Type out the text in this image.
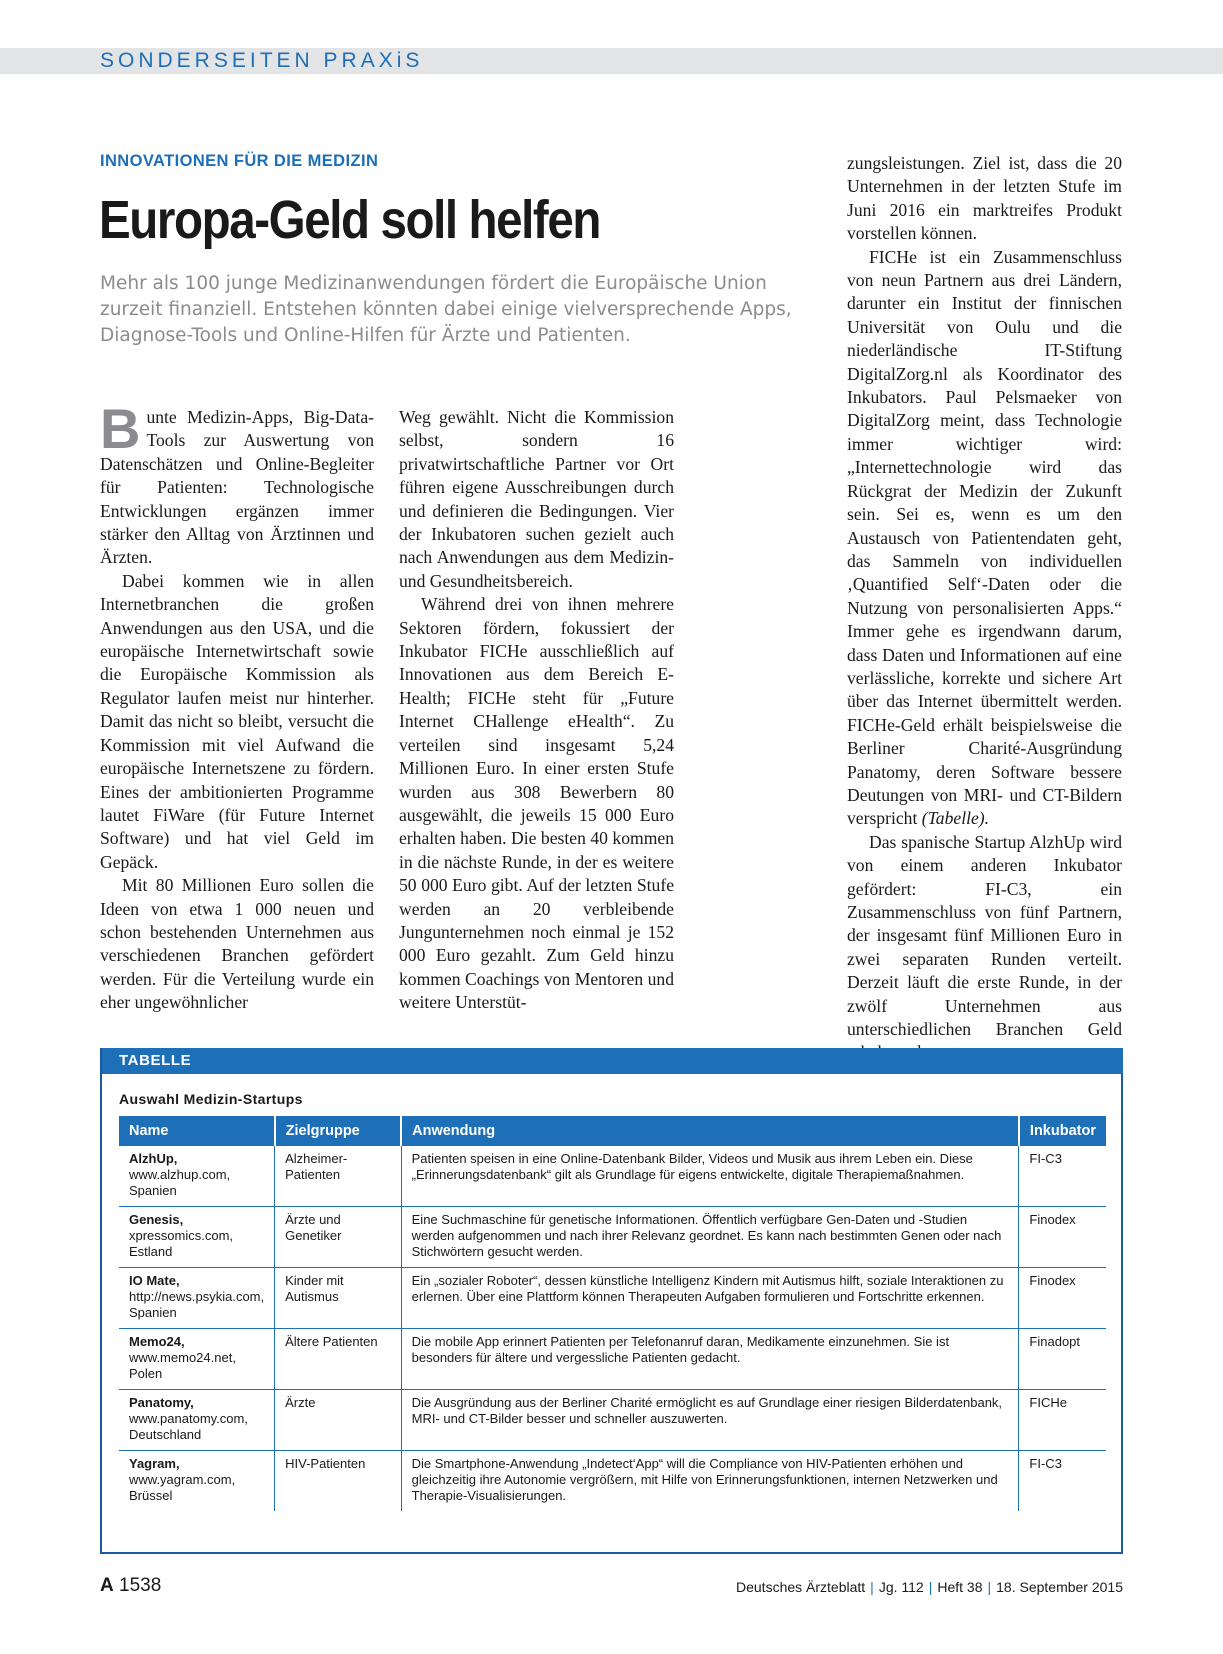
SONDERSEITEN PRAXiS
INNOVATIONEN FÜR DIE MEDIZIN
Europa-Geld soll helfen

Mehr als 100 junge Medizinanwendungen fördert die Europäische Union zurzeit finanziell. Entstehen könnten dabei einige vielversprechende Apps, Diagnose-Tools und Online-Hilfen für Ärzte und Patienten.

Bunte Medizin-Apps, Big-Data-Tools zur Auswertung von Datenschätzen und Online-Begleiter für Patienten: Technologische Entwicklungen ergänzen immer stärker den Alltag von Ärztinnen und Ärzten.

Dabei kommen wie in allen Internetbranchen die großen Anwendungen aus den USA, und die europäische Internetwirtschaft sowie die Europäische Kommission als Regulator laufen meist nur hinterher. Damit das nicht so bleibt, versucht die Kommission mit viel Aufwand die europäische Internetszene zu fördern. Eines der ambitionierten Programme lautet FiWare (für Future Internet Software) und hat viel Geld im Gepäck.

Mit 80 Millionen Euro sollen die Ideen von etwa 1 000 neuen und schon bestehenden Unternehmen aus verschiedenen Branchen gefördert werden. Für die Verteilung wurde ein eher ungewöhnlicher

Weg gewählt. Nicht die Kommission selbst, sondern 16 privatwirtschaftliche Partner vor Ort führen eigene Ausschreibungen durch und definieren die Bedingungen. Vier der Inkubatoren suchen gezielt auch nach Anwendungen aus dem Medizin- und Gesundheitsbereich.

Während drei von ihnen mehrere Sektoren fördern, fokussiert der Inkubator FICHe ausschließlich auf Innovationen aus dem Bereich E-Health; FICHe steht für „Future Internet CHallenge eHealth“. Zu verteilen sind insgesamt 5,24 Millionen Euro. In einer ersten Stufe wurden aus 308 Bewerbern 80 ausgewählt, die jeweils 15 000 Euro erhalten haben. Die besten 40 kommen in die nächste Runde, in der es weitere 50 000 Euro gibt. Auf der letzten Stufe werden an 20 verbleibende Jungunternehmen noch einmal je 152 000 Euro gezahlt. Zum Geld hinzu kommen Coachings von Mentoren und weitere Unterstüt-

zungsleistungen. Ziel ist, dass die 20 Unternehmen in der letzten Stufe im Juni 2016 ein marktreifes Produkt vorstellen können.

FICHe ist ein Zusammenschluss von neun Partnern aus drei Ländern, darunter ein Institut der finnischen Universität von Oulu und die niederländische IT-Stiftung DigitalZorg.nl als Koordinator des Inkubators. Paul Pelsmaeker von DigitalZorg meint, dass Technologie immer wichtiger wird: „Internettechnologie wird das Rückgrat der Medizin der Zukunft sein. Sei es, wenn es um den Austausch von Patientendaten geht, das Sammeln von individuellen ‚Quantified Self‘-Daten oder die Nutzung von personalisierten Apps.“ Immer gehe es irgendwann darum, dass Daten und Informationen auf eine verlässliche, korrekte und sichere Art über das Internet übermittelt werden. FICHe-Geld erhält beispielsweise die Berliner Charité-Ausgründung Panatomy, deren Software bessere Deutungen von MRI- und CT-Bildern verspricht (Tabelle).

Das spanische Startup AlzhUp wird von einem anderen Inkubator gefördert: FI-C3, ein Zusammenschluss von fünf Partnern, der insgesamt fünf Millionen Euro in zwei separaten Runden verteilt. Derzeit läuft die erste Runde, in der zwölf Unternehmen aus unterschiedlichen Branchen Geld

TABELLE
Auswahl Medizin-Startups
Name	Zielgruppe	Anwendung	Inkubator
AlzhUp,
www.alzhup.com, Spanien	Alzheimer-Patienten	Patienten speisen in eine Online-Datenbank Bilder, Videos und Musik aus ihrem Leben ein. Diese „Erinnerungsdatenbank“ gilt als Grundlage für eigens entwickelte, digitale Therapiemaßnahmen.	FI-C3
Genesis,
xpressomics.com, Estland	Ärzte und Genetiker	Eine Suchmaschine für genetische Informationen. Öffentlich verfügbare Gen-Daten und -Studien werden aufgenommen und nach ihrer Relevanz geordnet. Es kann nach bestimmten Genen oder nach Stichwörtern gesucht werden.	Finodex
IO Mate,
http://news.psykia.com, Spanien	Kinder mit Autismus	Ein „sozialer Roboter“, dessen künstliche Intelligenz Kindern mit Autismus hilft, soziale Interaktionen zu erlernen. Über eine Plattform können Therapeuten Aufgaben formulieren und Fortschritte erkennen.	Finodex
Memo24,
www.memo24.net, Polen	Ältere Patienten	Die mobile App erinnert Patienten per Telefonanruf daran, Medikamente einzunehmen. Sie ist besonders für ältere und vergessliche Patienten gedacht.	Finadopt
Panatomy,
www.panatomy.com, Deutschland	Ärzte	Die Ausgründung aus der Berliner Charité ermöglicht es auf Grundlage einer riesigen Bilderdatenbank, MRI- und CT-Bilder besser und schneller auszuwerten.	FICHe
Yagram,
www.yagram.com, Brüssel	HIV-Patienten	Die Smartphone-Anwendung „Indetect‘App“ will die Compliance von HIV-Patienten erhöhen und gleichzeitig ihre Autonomie vergrößern, mit Hilfe von Erinnerungsfunktionen, internen Netzwerken und Therapie-Visualisierungen.	FI-C3
A 1538	Deutsches Ärzteblatt | Jg. 112 | Heft 38 | 18. September 2015
